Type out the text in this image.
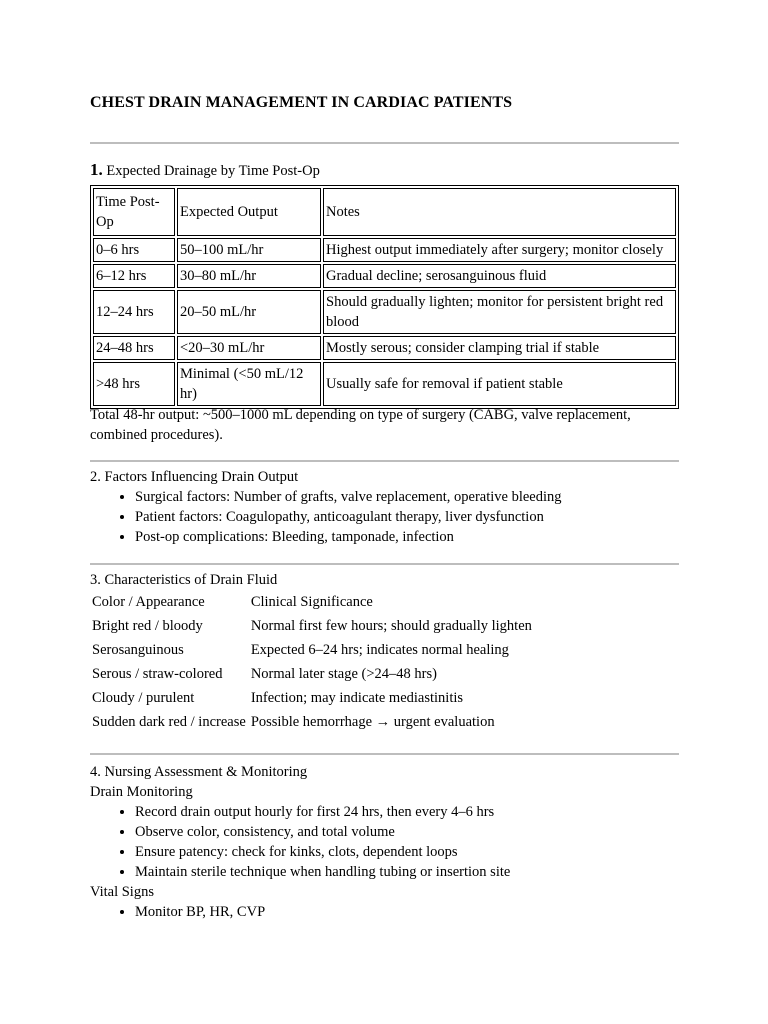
CHEST DRAIN MANAGEMENT IN CARDIAC PATIENTS
1. Expected Drainage by Time Post-Op
Time Post-Op	Expected Output	Notes
0–6 hrs	50–100 mL/hr	Highest output immediately after surgery; monitor closely
6–12 hrs	30–80 mL/hr	Gradual decline; serosanguinous fluid
12–24 hrs	20–50 mL/hr	Should gradually lighten; monitor for persistent bright red blood
24–48 hrs	<20–30 mL/hr	Mostly serous; consider clamping trial if stable
>48 hrs	Minimal (<50 mL/12 hr)	Usually safe for removal if patient stable
Total 48-hr output: ~500–1000 mL depending on type of surgery (CABG, valve replacement, combined procedures).
2. Factors Influencing Drain Output
• Surgical factors: Number of grafts, valve replacement, operative bleeding
• Patient factors: Coagulopathy, anticoagulant therapy, liver dysfunction
• Post-op complications: Bleeding, tamponade, infection
3. Characteristics of Drain Fluid
Color / Appearance	Clinical Significance
Bright red / bloody	Normal first few hours; should gradually lighten
Serosanguinous	Expected 6–24 hrs; indicates normal healing
Serous / straw-colored	Normal later stage (>24–48 hrs)
Cloudy / purulent	Infection; may indicate mediastinitis
Sudden dark red / increase	Possible hemorrhage → urgent evaluation
4. Nursing Assessment & Monitoring
Drain Monitoring
• Record drain output hourly for first 24 hrs, then every 4–6 hrs
• Observe color, consistency, and total volume
• Ensure patency: check for kinks, clots, dependent loops
• Maintain sterile technique when handling tubing or insertion site
Vital Signs
• Monitor BP, HR, CVP
